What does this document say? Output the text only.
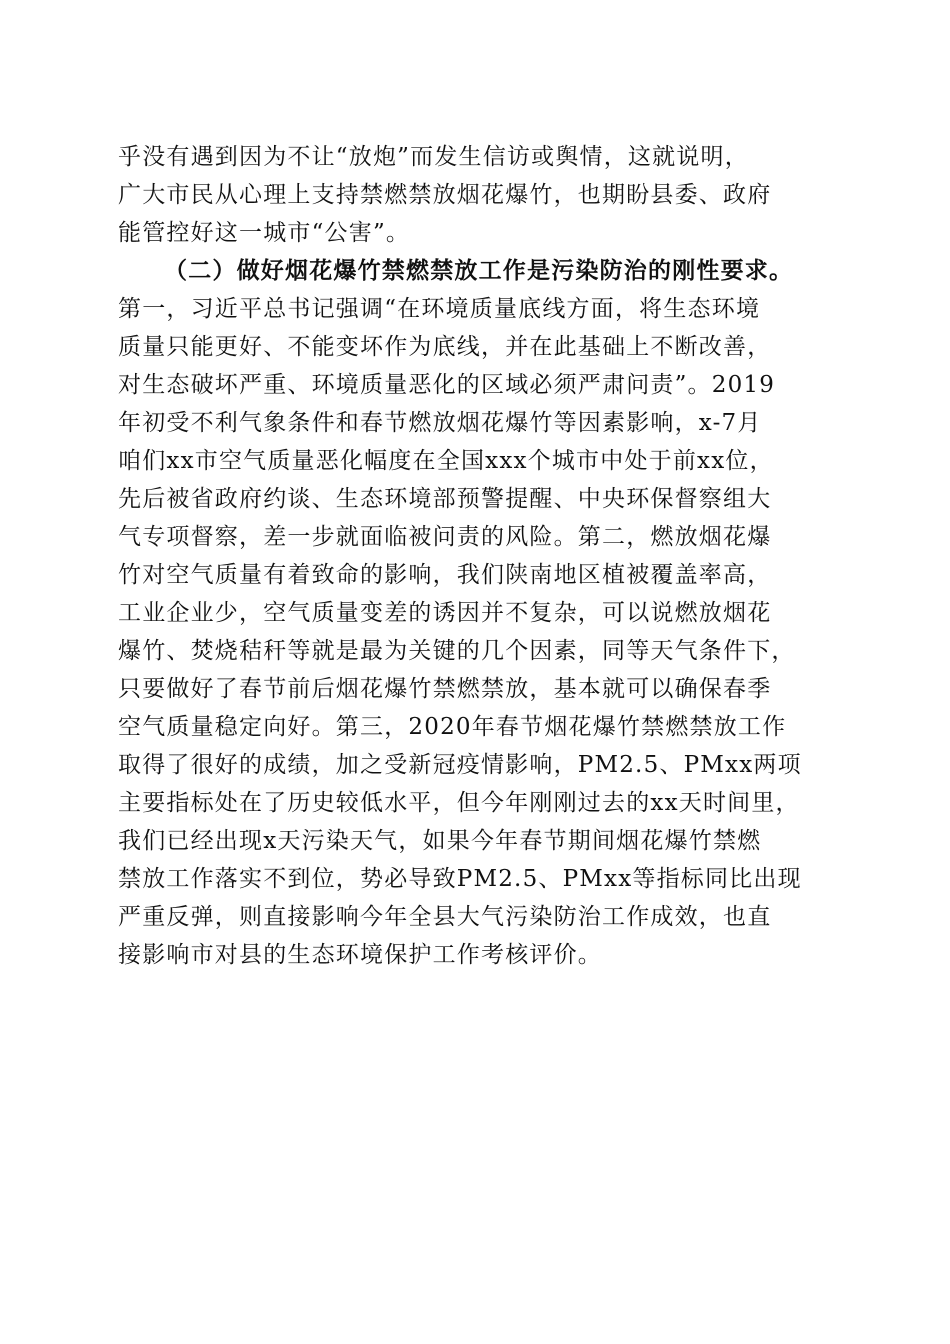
乎没有遇到因为不让“放炮”而发生信访或舆情，这就说明，

广大市民从心理上支持禁燃禁放烟花爆竹，也期盼县委、政府

能管控好这一城市“公害”。

（二）做好烟花爆竹禁燃禁放工作是污染防治的刚性要求。

第一，习近平总书记强调“在环境质量底线方面，将生态环境

质量只能更好、不能变坏作为底线，并在此基础上不断改善，

对生态破坏严重、环境质量恶化的区域必须严肃问责”。2019

年初受不利气象条件和春节燃放烟花爆竹等因素影响，x-7月

咱们xx市空气质量恶化幅度在全国xxx个城市中处于前xx位，

先后被省政府约谈、生态环境部预警提醒、中央环保督察组大

气专项督察，差一步就面临被问责的风险。第二，燃放烟花爆

竹对空气质量有着致命的影响，我们陕南地区植被覆盖率高，

工业企业少，空气质量变差的诱因并不复杂，可以说燃放烟花

爆竹、焚烧秸秆等就是最为关键的几个因素，同等天气条件下，

只要做好了春节前后烟花爆竹禁燃禁放，基本就可以确保春季

空气质量稳定向好。第三，2020年春节烟花爆竹禁燃禁放工作

取得了很好的成绩，加之受新冠疫情影响，PM2.5、PMxx两项

主要指标处在了历史较低水平，但今年刚刚过去的xx天时间里，

我们已经出现x天污染天气，如果今年春节期间烟花爆竹禁燃

禁放工作落实不到位，势必导致PM2.5、PMxx等指标同比出现

严重反弹，则直接影响今年全县大气污染防治工作成效，也直

接影响市对县的生态环境保护工作考核评价。
